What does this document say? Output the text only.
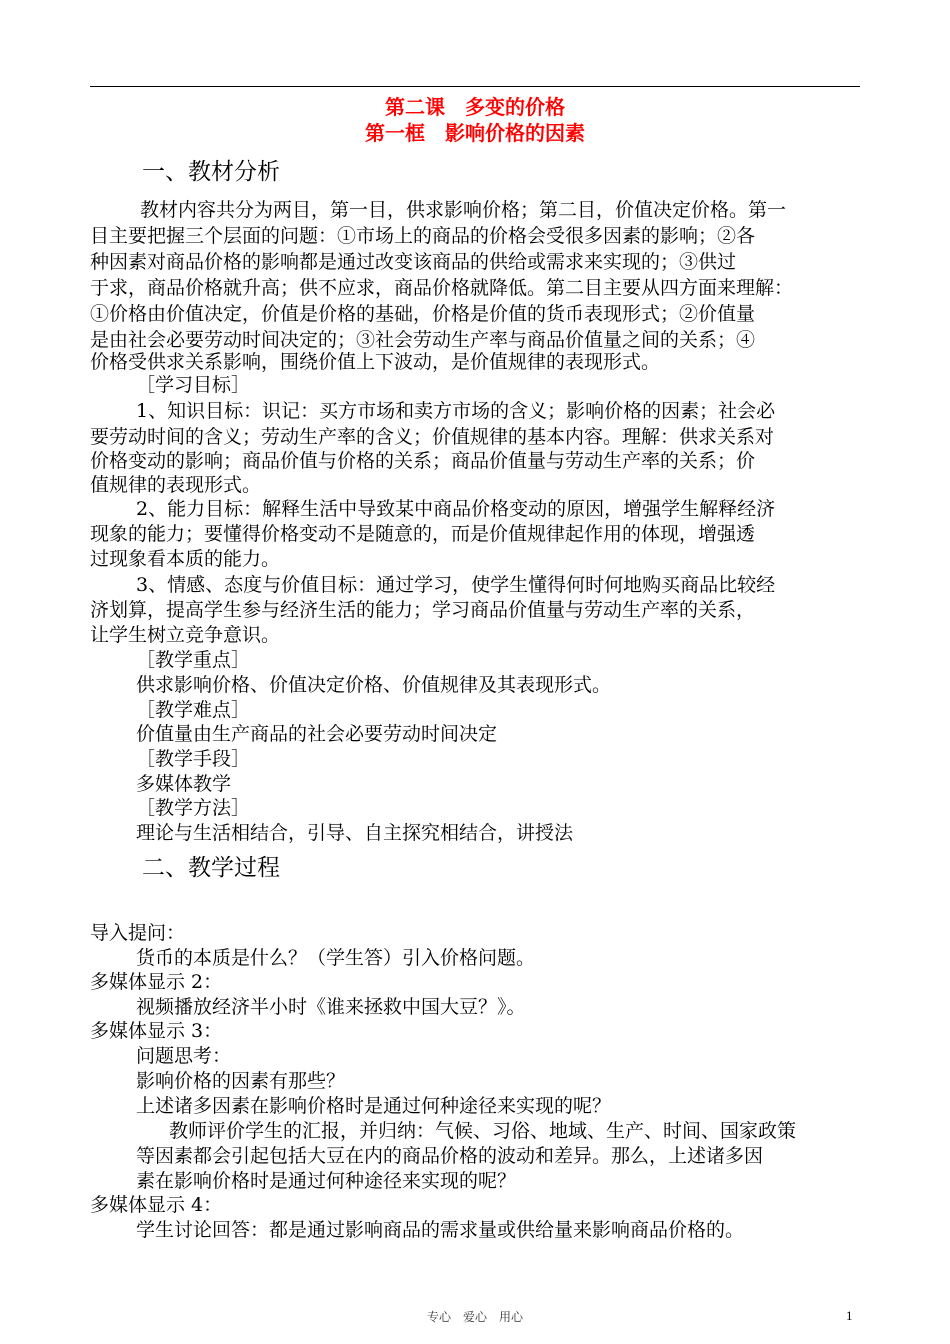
第二课　多变的价格
第一框　影响价格的因素
一、教材分析
教材内容共分为两目，第一目，供求影响价格；第二目，价值决定价格。第一
目主要把握三个层面的问题：①市场上的商品的价格会受很多因素的影响；②各
种因素对商品价格的影响都是通过改变该商品的供给或需求来实现的；③供过
于求，商品价格就升高；供不应求，商品价格就降低。第二目主要从四方面来理解：
①价格由价值决定，价值是价格的基础，价格是价值的货币表现形式；②价值量
是由社会必要劳动时间决定的；③社会劳动生产率与商品价值量之间的关系；④
价格受供求关系影响，围绕价值上下波动，是价值规律的表现形式。
［学习目标］
1、知识目标：识记：买方市场和卖方市场的含义；影响价格的因素；社会必
要劳动时间的含义；劳动生产率的含义；价值规律的基本内容。理解：供求关系对
价格变动的影响；商品价值与价格的关系；商品价值量与劳动生产率的关系；价
值规律的表现形式。
2、能力目标：解释生活中导致某中商品价格变动的原因，增强学生解释经济
现象的能力；要懂得价格变动不是随意的，而是价值规律起作用的体现，增强透
过现象看本质的能力。
3、情感、态度与价值目标：通过学习，使学生懂得何时何地购买商品比较经
济划算，提高学生参与经济生活的能力；学习商品价值量与劳动生产率的关系，
让学生树立竞争意识。
［教学重点］
供求影响价格、价值决定价格、价值规律及其表现形式。
［教学难点］
价值量由生产商品的社会必要劳动时间决定
［教学手段］
多媒体教学
［教学方法］
理论与生活相结合，引导、自主探究相结合，讲授法
二、教学过程
导入提问：
货币的本质是什么？（学生答）引入价格问题。
多媒体显示 2：
视频播放经济半小时《谁来拯救中国大豆？》。
多媒体显示 3：
问题思考：
影响价格的因素有那些？
上述诸多因素在影响价格时是通过何种途径来实现的呢？
　教师评价学生的汇报，并归纳：气候、习俗、地域、生产、时间、国家政策
等因素都会引起包括大豆在内的商品价格的波动和差异。那么，上述诸多因
素在影响价格时是通过何种途径来实现的呢？
多媒体显示 4：
学生讨论回答：都是通过影响商品的需求量或供给量来影响商品价格的。
专心　爱心　用心	1
